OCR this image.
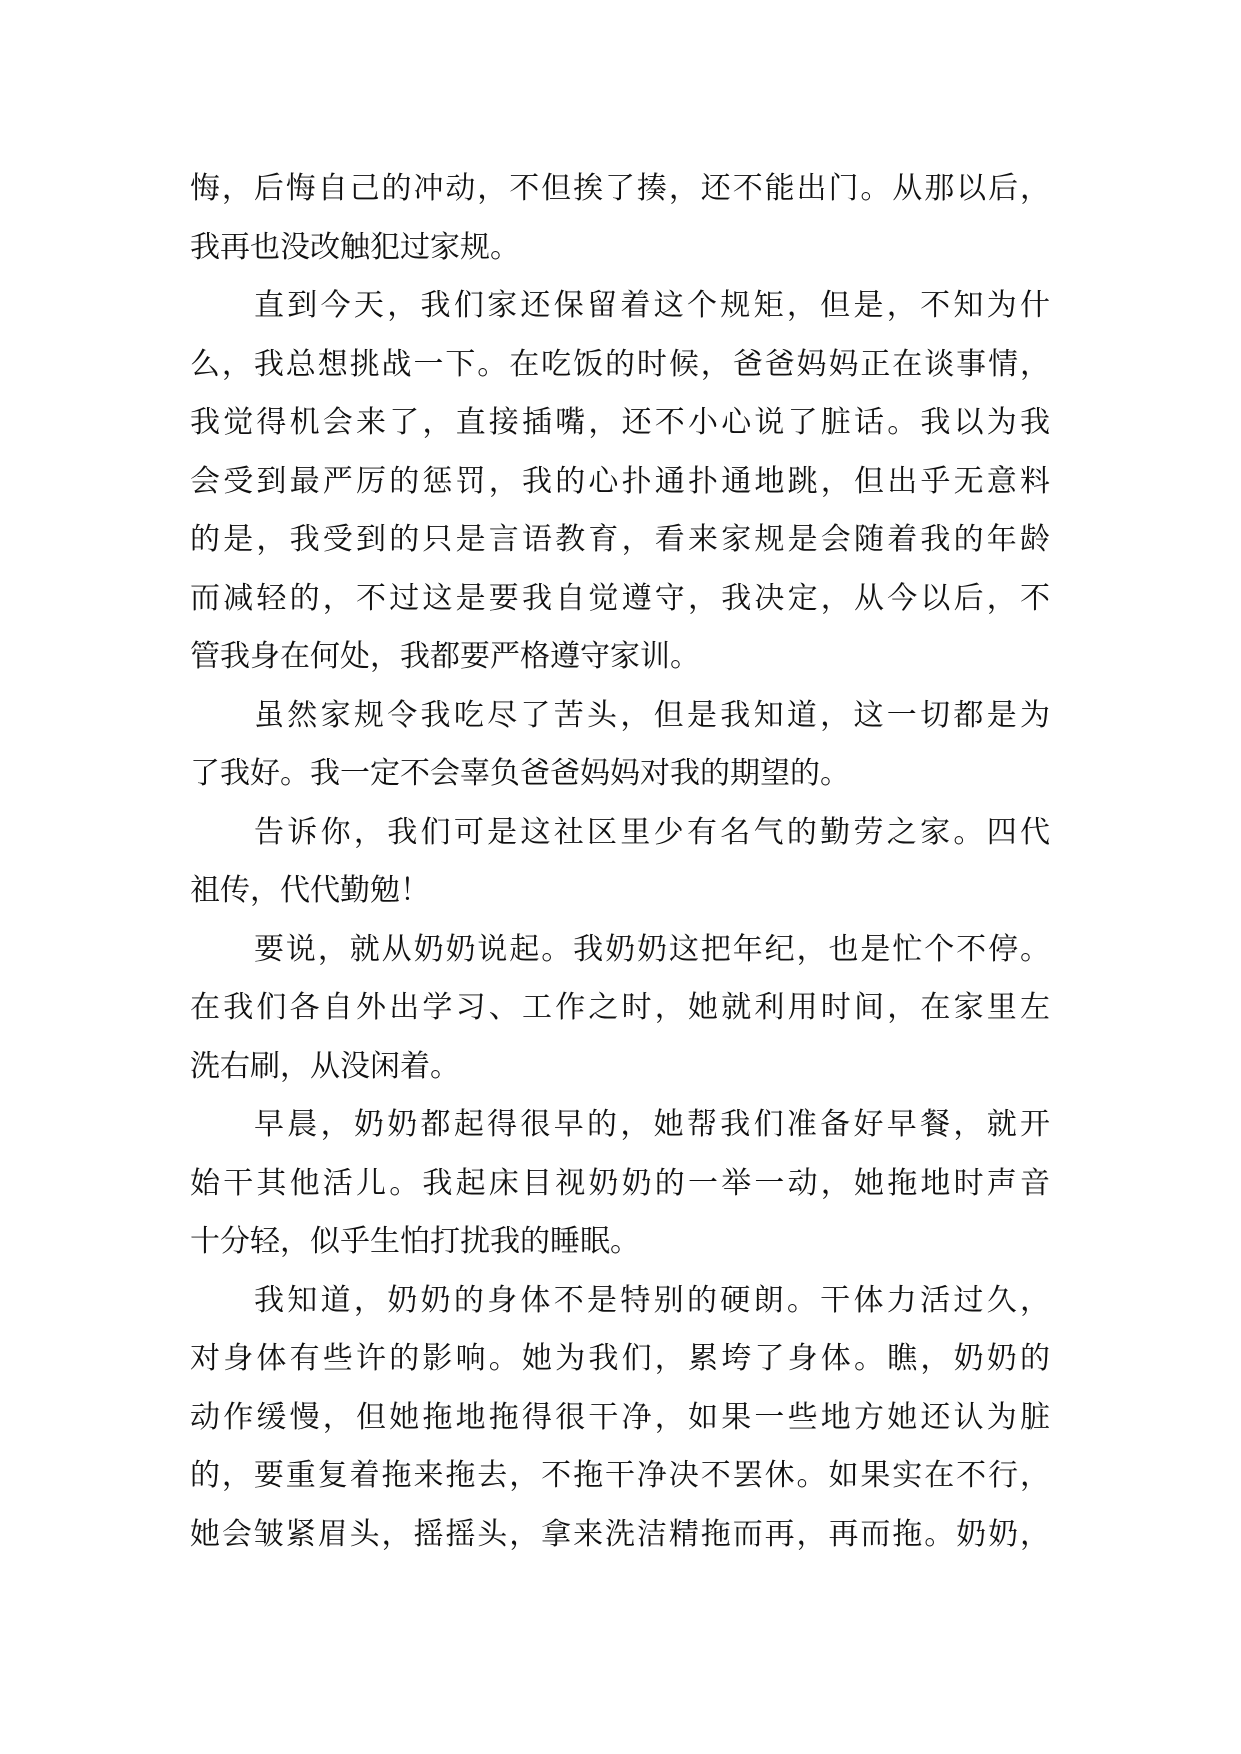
悔，后悔自己的冲动，不但挨了揍，还不能出门。从那以后，
我再也没改触犯过家规。
直到今天，我们家还保留着这个规矩，但是，不知为什
么，我总想挑战一下。在吃饭的时候，爸爸妈妈正在谈事情，
我觉得机会来了，直接插嘴，还不小心说了脏话。我以为我
会受到最严厉的惩罚，我的心扑通扑通地跳，但出乎无意料
的是，我受到的只是言语教育，看来家规是会随着我的年龄
而减轻的，不过这是要我自觉遵守，我决定，从今以后，不
管我身在何处，我都要严格遵守家训。
虽然家规令我吃尽了苦头，但是我知道，这一切都是为
了我好。我一定不会辜负爸爸妈妈对我的期望的。
告诉你，我们可是这社区里少有名气的勤劳之家。四代
祖传，代代勤勉！
要说，就从奶奶说起。我奶奶这把年纪，也是忙个不停。
在我们各自外出学习、工作之时，她就利用时间，在家里左
洗右刷，从没闲着。
早晨，奶奶都起得很早的，她帮我们准备好早餐，就开
始干其他活儿。我起床目视奶奶的一举一动，她拖地时声音
十分轻，似乎生怕打扰我的睡眠。
我知道，奶奶的身体不是特别的硬朗。干体力活过久，
对身体有些许的影响。她为我们，累垮了身体。瞧，奶奶的
动作缓慢，但她拖地拖得很干净，如果一些地方她还认为脏
的，要重复着拖来拖去，不拖干净决不罢休。如果实在不行，
她会皱紧眉头，摇摇头，拿来洗洁精拖而再，再而拖。奶奶，
